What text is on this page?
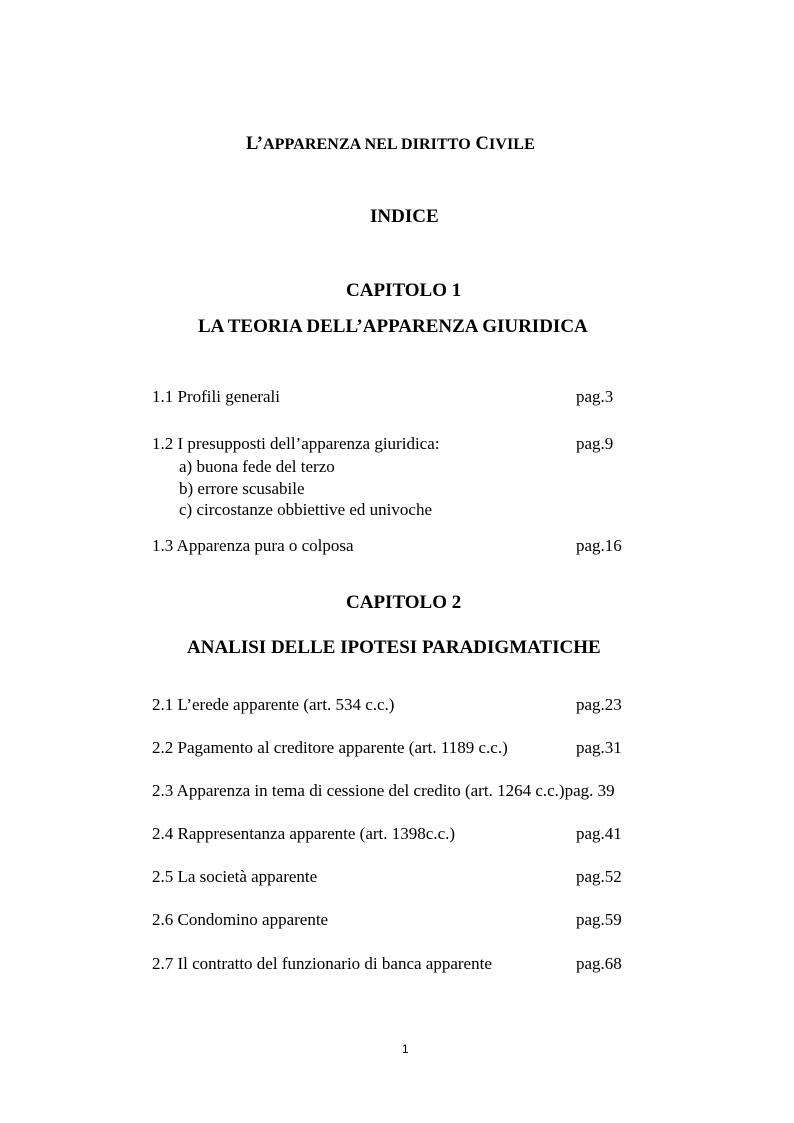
L’APPARENZA NEL DIRITTO CIVILE
INDICE
CAPITOLO 1
LA TEORIA DELL’APPARENZA GIURIDICA
1.1 Profili generali	pag.3
1.2 I presupposti dell’apparenza giuridica:	pag.9
a) buona fede del terzo
b) errore scusabile
c) circostanze obbiettive ed univoche
1.3 Apparenza pura o colposa	pag.16
CAPITOLO 2
ANALISI DELLE IPOTESI PARADIGMATICHE
2.1 L’erede apparente (art. 534 c.c.)	pag.23
2.2 Pagamento al creditore apparente (art. 1189 c.c.)	pag.31
2.3 Apparenza in tema di cessione del credito (art. 1264 c.c.)pag. 39
2.4 Rappresentanza apparente (art. 1398c.c.)	pag.41
2.5 La società apparente	pag.52
2.6 Condomino apparente	pag.59
2.7 Il contratto del funzionario di banca apparente	pag.68
1
